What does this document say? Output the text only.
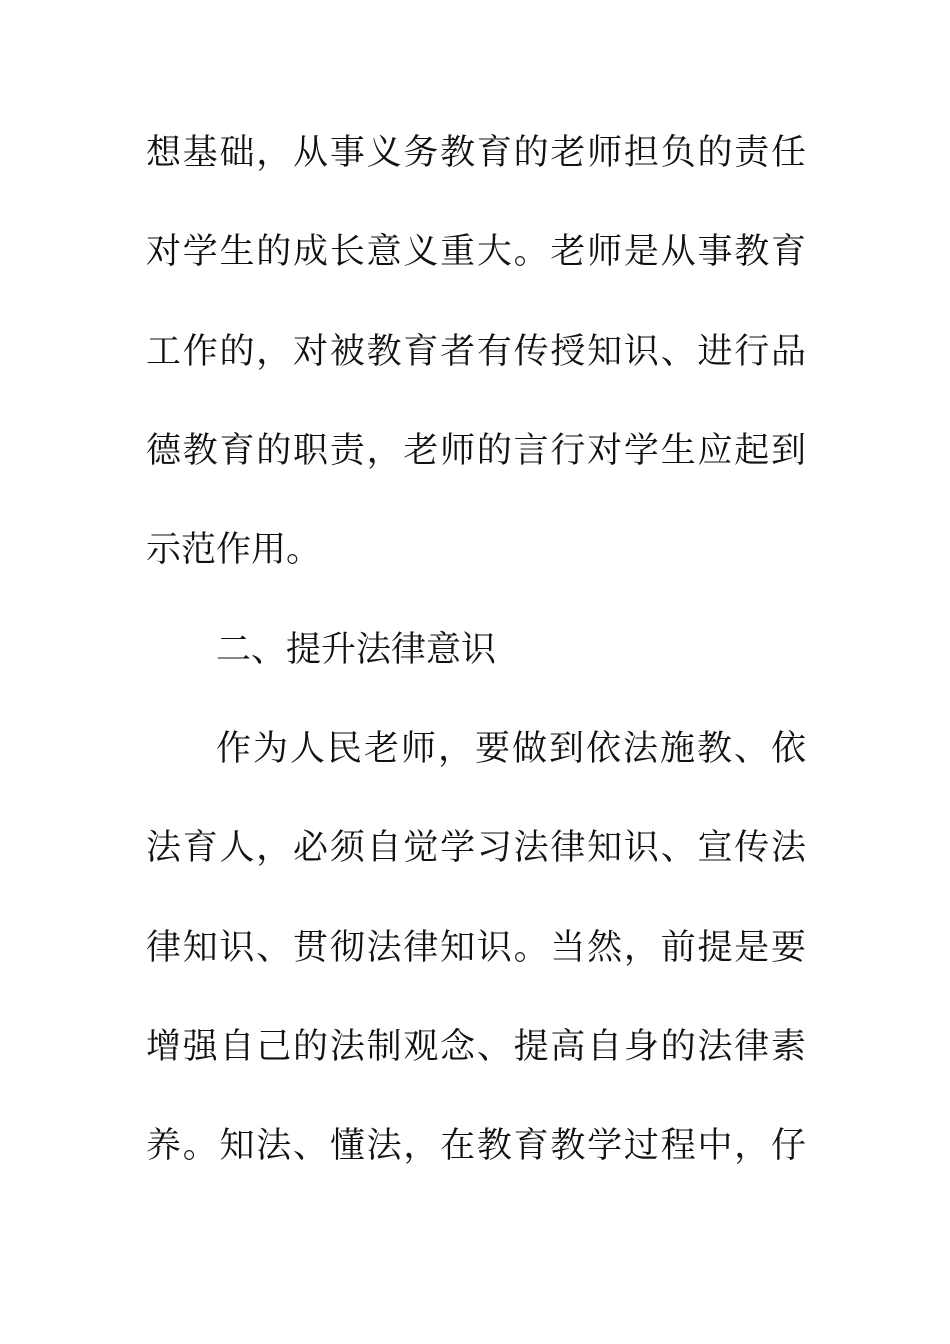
想基础，从事义务教育的老师担负的责任
对学生的成长意义重大。老师是从事教育
工作的，对被教育者有传授知识、进行品
德教育的职责，老师的言行对学生应起到
示范作用。
二、提升法律意识
作为人民老师，要做到依法施教、依
法育人，必须自觉学习法律知识、宣传法
律知识、贯彻法律知识。当然，前提是要
增强自己的法制观念、提高自身的法律素
养。知法、懂法，在教育教学过程中，仔
